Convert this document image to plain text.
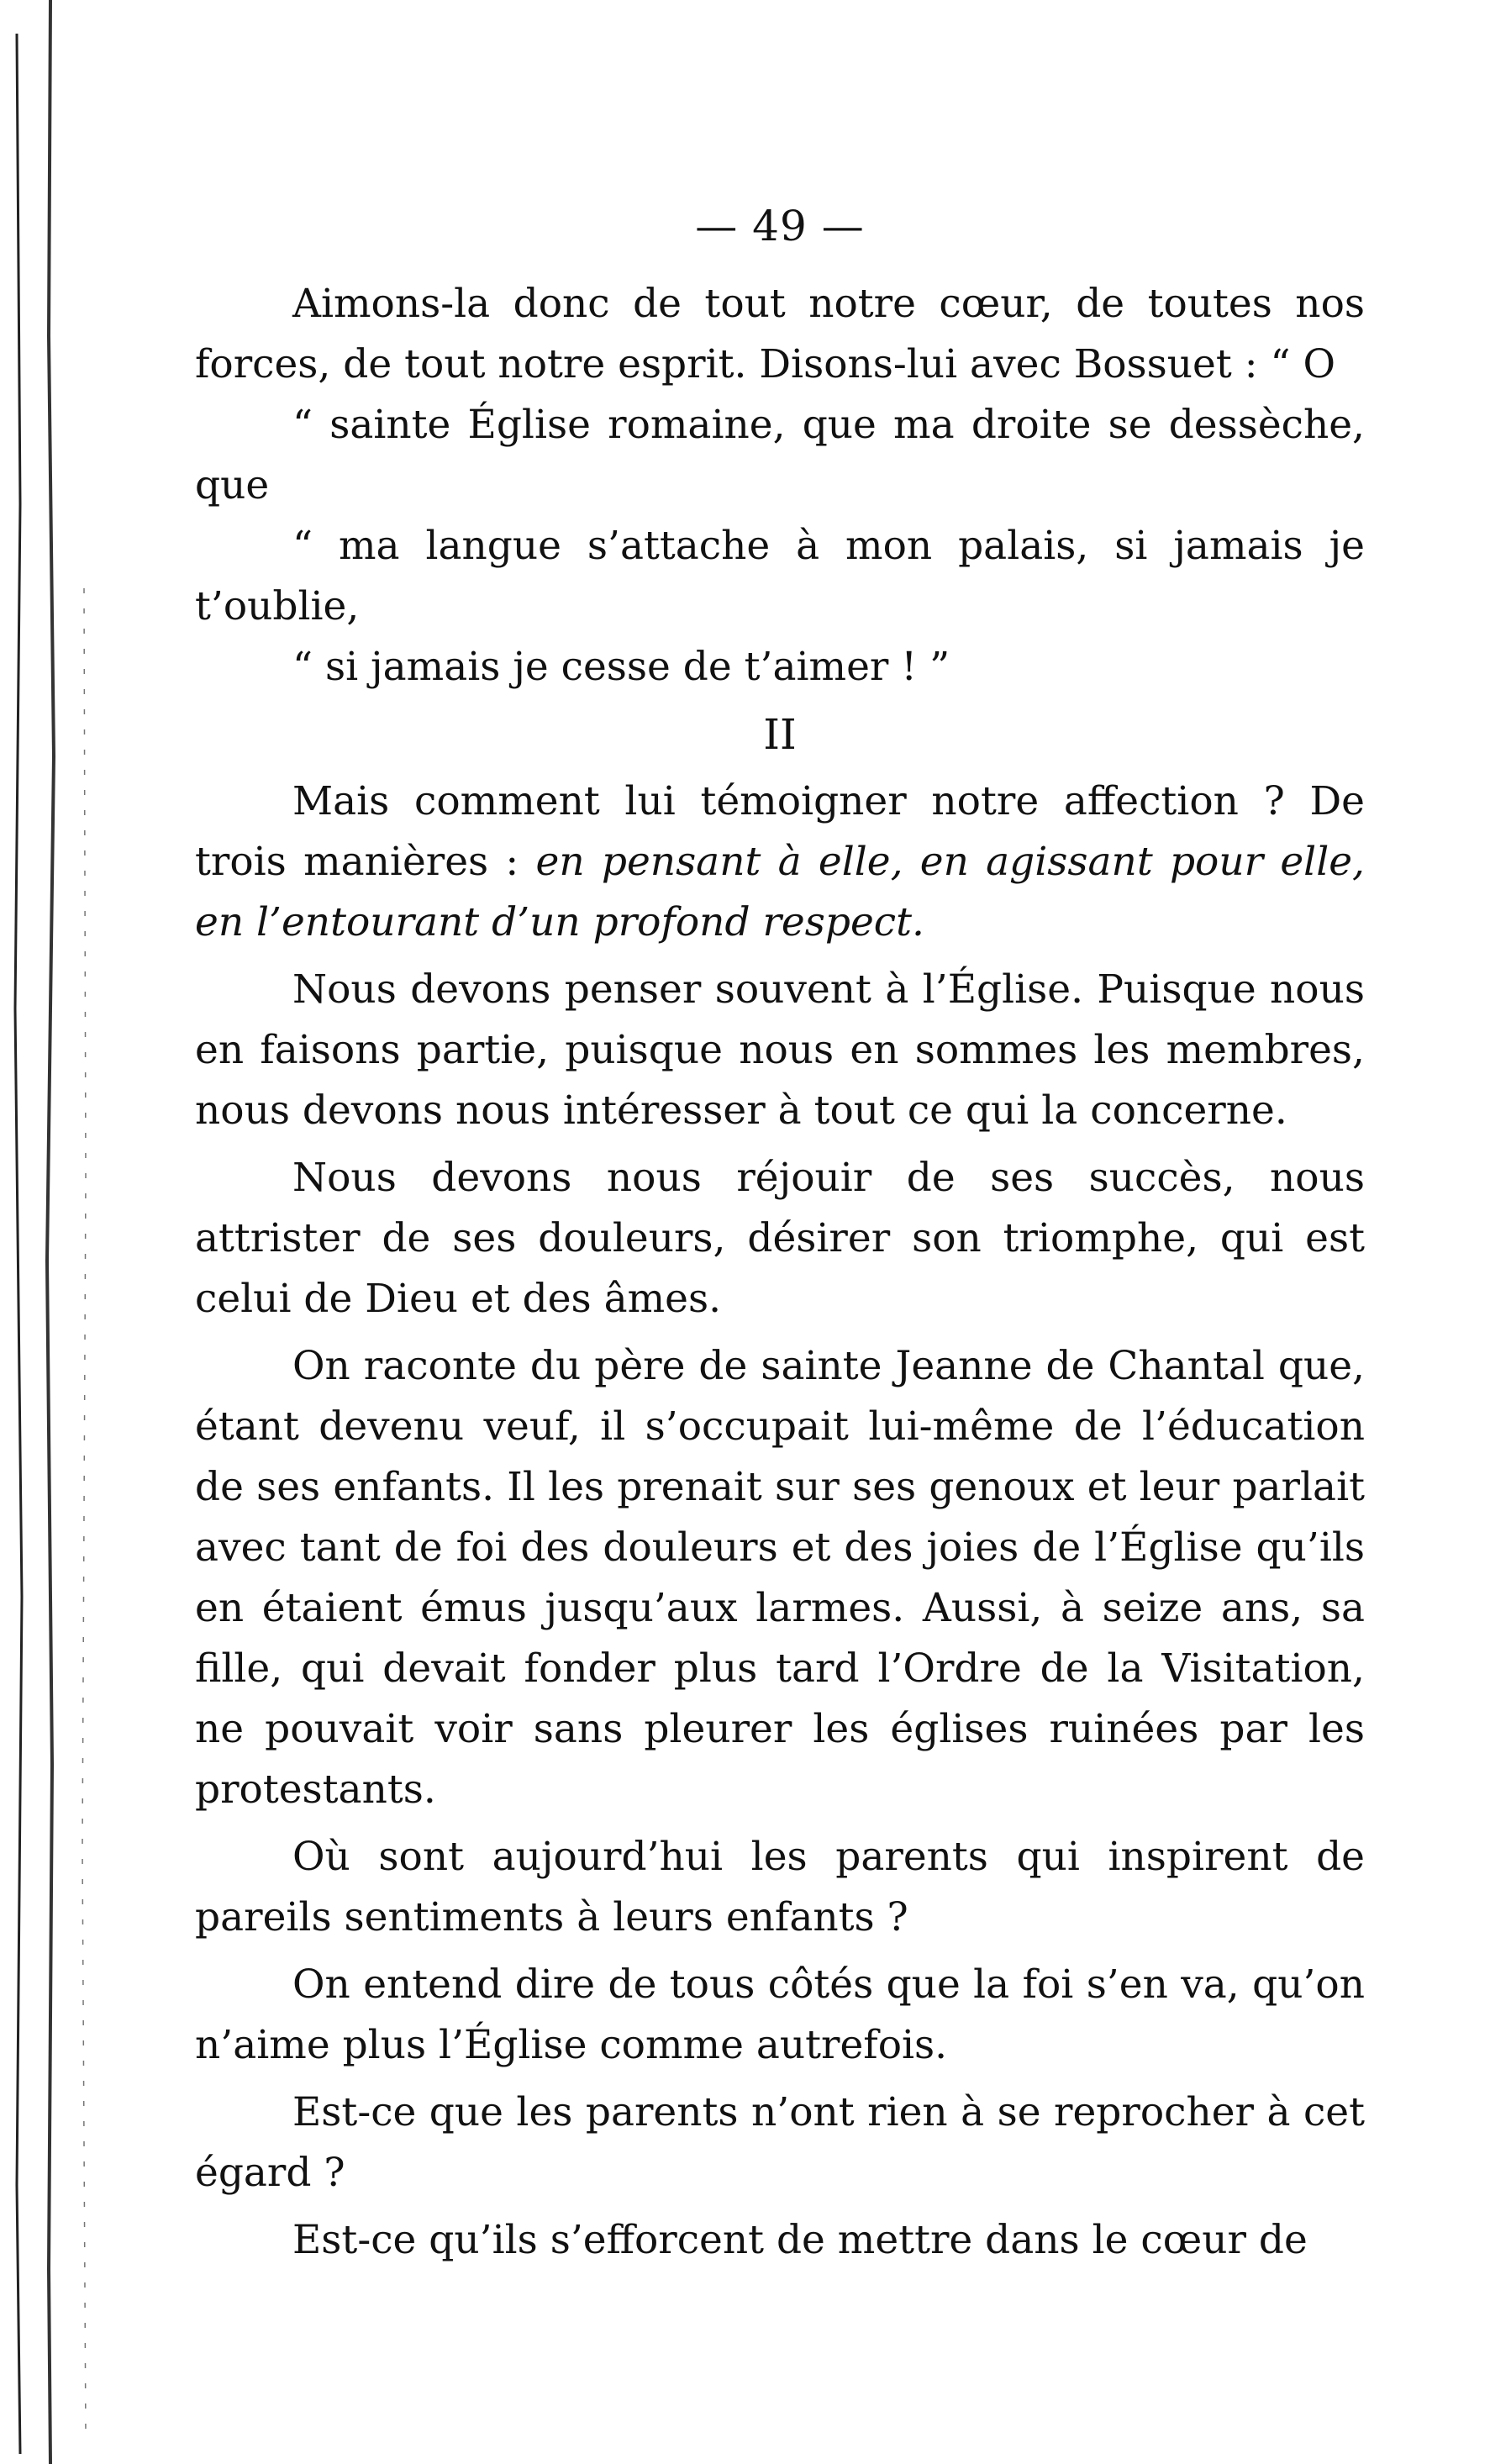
— 49 —

Aimons-la donc de tout notre cœur, de toutes nos forces, de tout notre esprit. Disons-lui avec Bossuet : “ O
“ sainte Église romaine, que ma droite se dessèche, que
“ ma langue s’attache à mon palais, si jamais je t’oublie,
“ si jamais je cesse de t’aimer ! ”

II

Mais comment lui témoigner notre affection ? De trois manières : en pensant à elle, en agissant pour elle, en l’entourant d’un profond respect.

Nous devons penser souvent à l’Église. Puisque nous en faisons partie, puisque nous en sommes les membres, nous devons nous intéresser à tout ce qui la concerne.

Nous devons nous réjouir de ses succès, nous attrister de ses douleurs, désirer son triomphe, qui est celui de Dieu et des âmes.

On raconte du père de sainte Jeanne de Chantal que, étant devenu veuf, il s’occupait lui-même de l’éducation de ses enfants. Il les prenait sur ses genoux et leur parlait avec tant de foi des douleurs et des joies de l’Église qu’ils en étaient émus jusqu’aux larmes. Aussi, à seize ans, sa fille, qui devait fonder plus tard l’Ordre de la Visitation, ne pouvait voir sans pleurer les églises ruinées par les protestants.

Où sont aujourd’hui les parents qui inspirent de pareils sentiments à leurs enfants ?

On entend dire de tous côtés que la foi s’en va, qu’on n’aime plus l’Église comme autrefois.

Est-ce que les parents n’ont rien à se reprocher à cet égard ?

Est-ce qu’ils s’efforcent de mettre dans le cœur de
